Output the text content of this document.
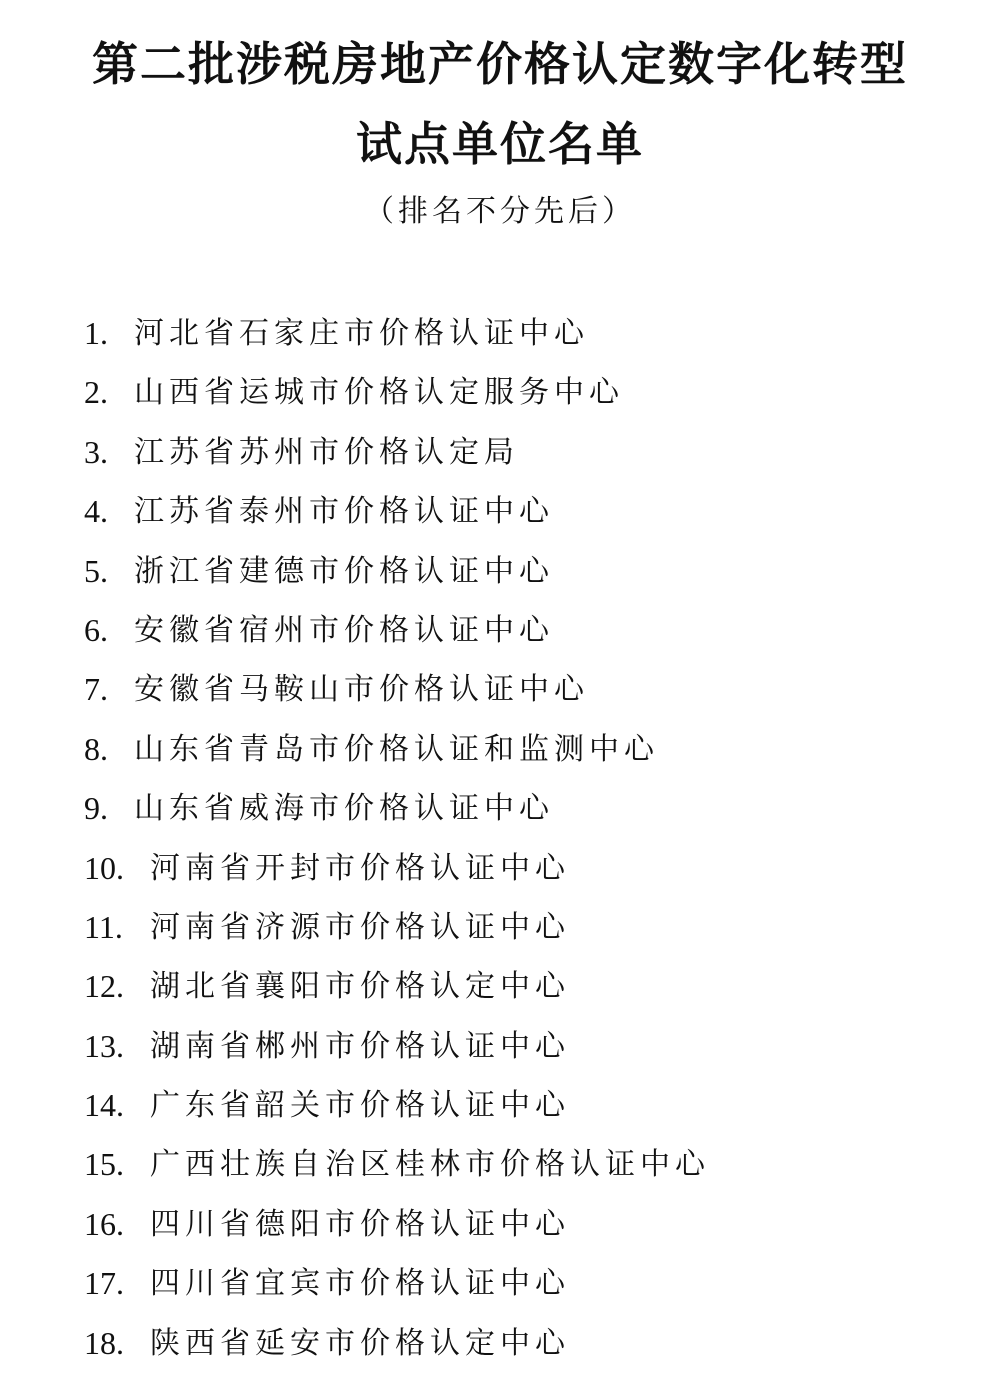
第二批涉税房地产价格认定数字化转型
试点单位名单
（排名不分先后）
1. 河北省石家庄市价格认证中心
2. 山西省运城市价格认定服务中心
3. 江苏省苏州市价格认定局
4. 江苏省泰州市价格认证中心
5. 浙江省建德市价格认证中心
6. 安徽省宿州市价格认证中心
7. 安徽省马鞍山市价格认证中心
8. 山东省青岛市价格认证和监测中心
9. 山东省威海市价格认证中心
10. 河南省开封市价格认证中心
11. 河南省济源市价格认证中心
12. 湖北省襄阳市价格认定中心
13. 湖南省郴州市价格认证中心
14. 广东省韶关市价格认证中心
15. 广西壮族自治区桂林市价格认证中心
16. 四川省德阳市价格认证中心
17. 四川省宜宾市价格认证中心
18. 陕西省延安市价格认定中心
